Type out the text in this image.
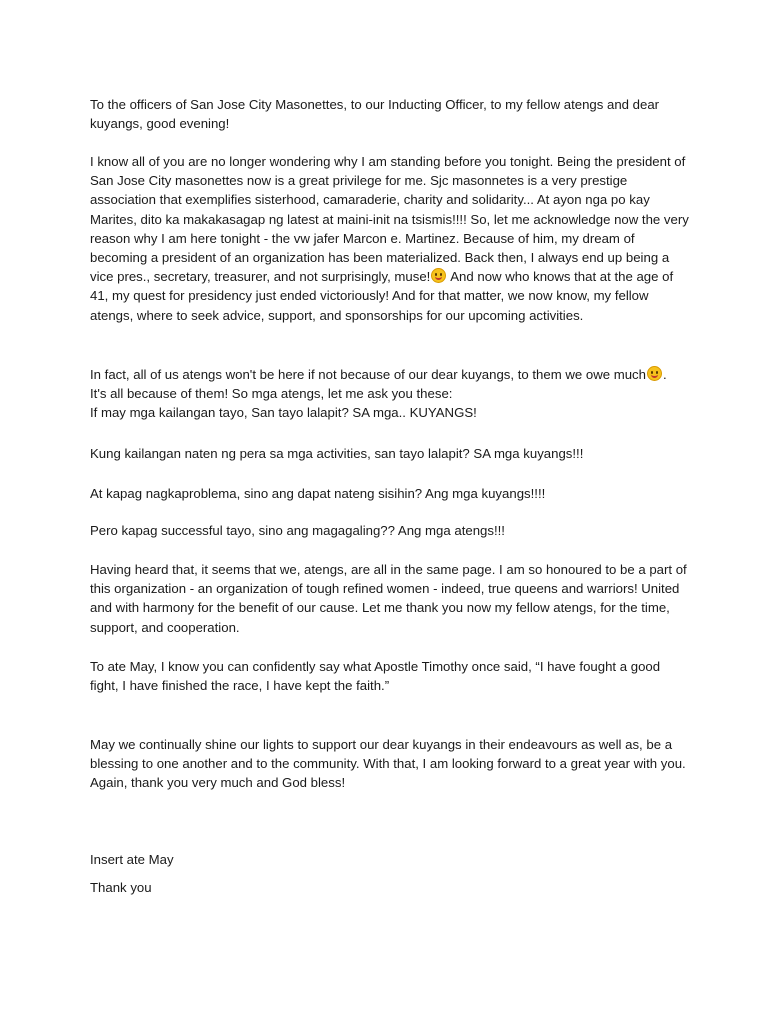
To the officers of San Jose City Masonettes, to our Inducting Officer, to my fellow atengs and dear kuyangs, good evening!

I know all of you are no longer wondering why I am standing before you tonight. Being the president of San Jose City masonettes now is a great privilege for me. Sjc masonnetes is a very prestige association that exemplifies sisterhood, camaraderie, charity and solidarity... At ayon nga po kay Marites, dito ka makakasagap ng latest at maini-init na tsismis!!!! So, let me acknowledge now the very reason why I am here tonight - the vw jafer Marcon e. Martinez. Because of him, my dream of becoming a president of an organization has been materialized. Back then, I always end up being a vice pres., secretary, treasurer, and not surprisingly, muse!
And now who knows that at the age of 41, my quest for presidency just ended victoriously! And for that matter, we now know, my fellow atengs, where to seek advice, support, and sponsorships for our upcoming activities.

In fact, all of us atengs won't be here if not because of our dear kuyangs, to them we owe much .
It's all because of them! So mga atengs, let me ask you these:
If may mga kailangan tayo, San tayo lalapit? SA mga.. KUYANGS!

Kung kailangan naten ng pera sa mga activities, san tayo lalapit? SA mga kuyangs!!!

At kapag nagkaproblema, sino ang dapat nateng sisihin? Ang mga kuyangs!!!!

Pero kapag successful tayo, sino ang magagaling?? Ang mga atengs!!!

Having heard that, it seems that we, atengs, are all in the same page. I am so honoured to be a part of this organization - an organization of tough refined women - indeed, true queens and warriors! United and with harmony for the benefit of our cause. Let me thank you now my fellow atengs, for the time, support, and cooperation.

To ate May, I know you can confidently say what Apostle Timothy once said, “I have fought a good fight, I have finished the race, I have kept the faith.”

May we continually shine our lights to support our dear kuyangs in their endeavours as well as, be a blessing to one another and to the community. With that, I am looking forward to a great year with you. Again, thank you very much and God bless!

Insert ate May

Thank you
